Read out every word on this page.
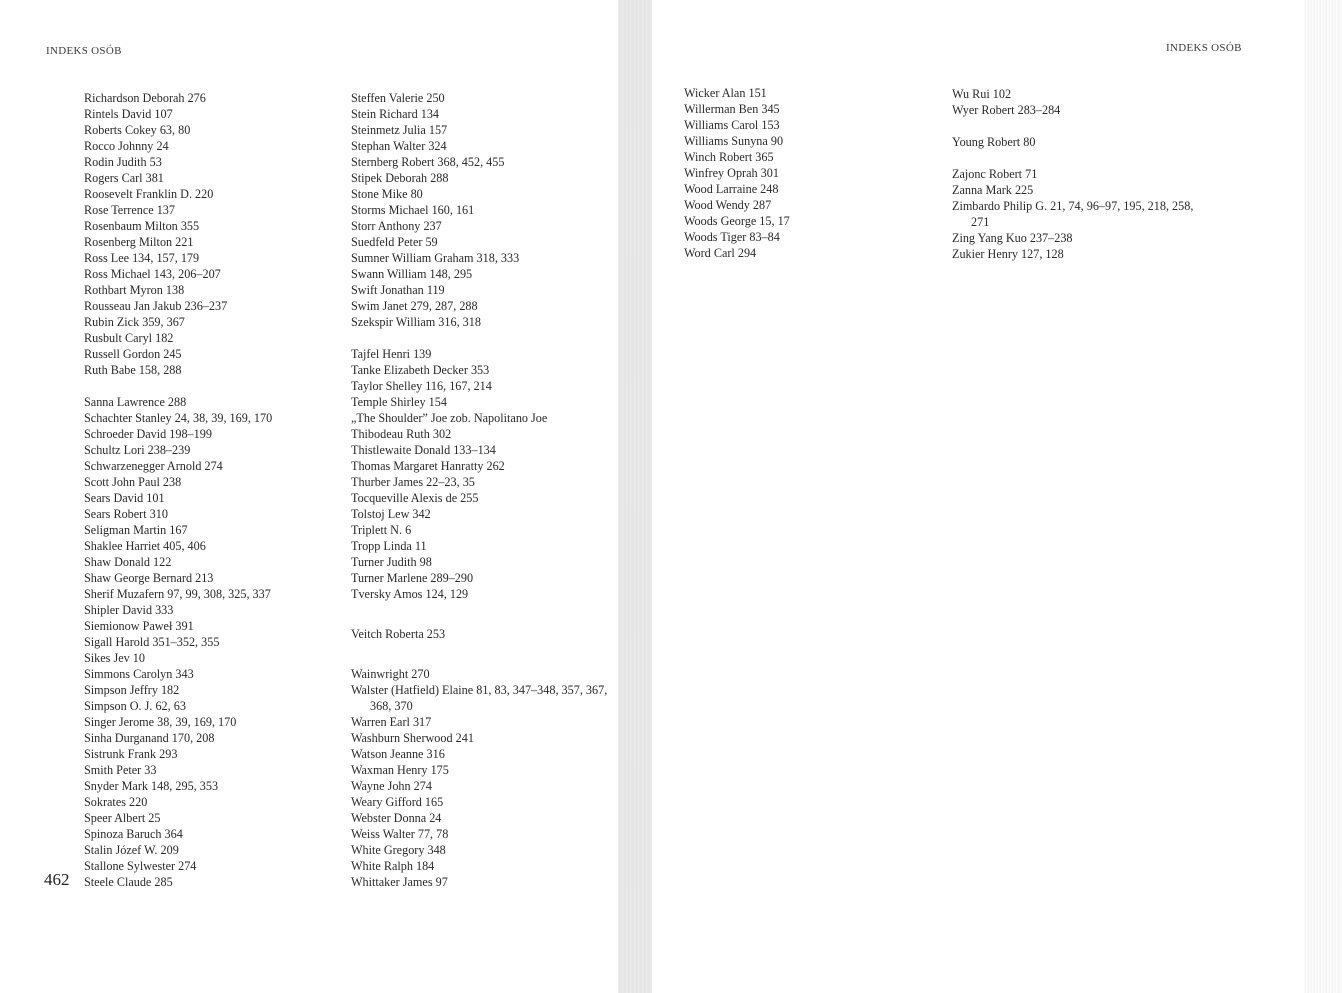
INDEKS OSÓB	INDEKS OSÓB
462
Richardson Deborah 276
Rintels David 107
Roberts Cokey 63, 80
Rocco Johnny 24
Rodin Judith 53
Rogers Carl 381
Roosevelt Franklin D. 220
Rose Terrence 137
Rosenbaum Milton 355
Rosenberg Milton 221
Ross Lee 134, 157, 179
Ross Michael 143, 206–207
Rothbart Myron 138
Rousseau Jan Jakub 236–237
Rubin Zick 359, 367
Rusbult Caryl 182
Russell Gordon 245
Ruth Babe 158, 288
Sanna Lawrence 288
Schachter Stanley 24, 38, 39, 169, 170
Schroeder David 198–199
Schultz Lori 238–239
Schwarzenegger Arnold 274
Scott John Paul 238
Sears David 101
Sears Robert 310
Seligman Martin 167
Shaklee Harriet 405, 406
Shaw Donald 122
Shaw George Bernard 213
Sherif Muzafern 97, 99, 308, 325, 337
Shipler David 333
Siemionow Paweł 391
Sigall Harold 351–352, 355
Sikes Jev 10
Simmons Carolyn 343
Simpson Jeffry 182
Simpson O. J. 62, 63
Singer Jerome 38, 39, 169, 170
Sinha Durganand 170, 208
Sistrunk Frank 293
Smith Peter 33
Snyder Mark 148, 295, 353
Sokrates 220
Speer Albert 25
Spinoza Baruch 364
Stalin Józef W. 209
Stallone Sylwester 274
Steele Claude 285
Steffen Valerie 250
Stein Richard 134
Steinmetz Julia 157
Stephan Walter 324
Sternberg Robert 368, 452, 455
Stipek Deborah 288
Stone Mike 80
Storms Michael 160, 161
Storr Anthony 237
Suedfeld Peter 59
Sumner William Graham 318, 333
Swann William 148, 295
Swift Jonathan 119
Swim Janet 279, 287, 288
Szekspir William 316, 318
Tajfel Henri 139
Tanke Elizabeth Decker 353
Taylor Shelley 116, 167, 214
Temple Shirley 154
„The Shoulder” Joe zob. Napolitano Joe
Thibodeau Ruth 302
Thistlewaite Donald 133–134
Thomas Margaret Hanratty 262
Thurber James 22–23, 35
Tocqueville Alexis de 255
Tolstoj Lew 342
Triplett N. 6
Tropp Linda 11
Turner Judith 98
Turner Marlene 289–290
Tversky Amos 124, 129
Veitch Roberta 253
Wainwright 270
Walster (Hatfield) Elaine 81, 83, 347–348, 357, 367, 368, 370
Warren Earl 317
Washburn Sherwood 241
Watson Jeanne 316
Waxman Henry 175
Wayne John 274
Weary Gifford 165
Webster Donna 24
Weiss Walter 77, 78
White Gregory 348
White Ralph 184
Whittaker James 97
Wicker Alan 151
Willerman Ben 345
Williams Carol 153
Williams Sunyna 90
Winch Robert 365
Winfrey Oprah 301
Wood Larraine 248
Wood Wendy 287
Woods George 15, 17
Woods Tiger 83–84
Word Carl 294
Wu Rui 102
Wyer Robert 283–284
Young Robert 80
Zajonc Robert 71
Zanna Mark 225
Zimbardo Philip G. 21, 74, 96–97, 195, 218, 258, 271
Zing Yang Kuo 237–238
Zukier Henry 127, 128
